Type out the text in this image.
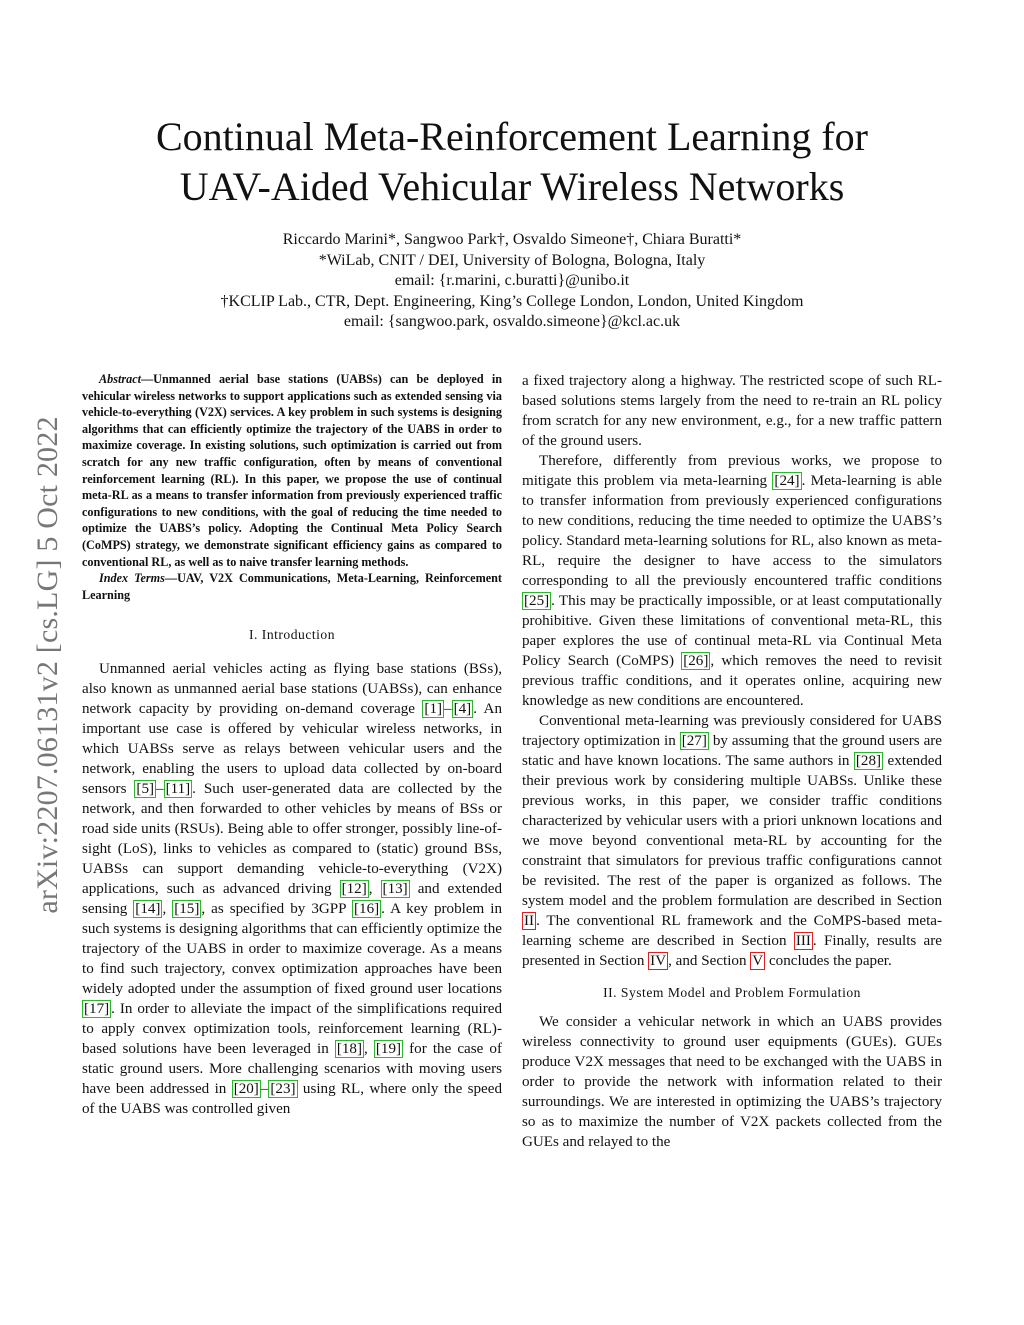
Continual Meta-Reinforcement Learning for
UAV-Aided Vehicular Wireless Networks
Riccardo Marini*, Sangwoo Park†, Osvaldo Simeone†, Chiara Buratti*
*WiLab, CNIT / DEI, University of Bologna, Bologna, Italy
email: {r.marini, c.buratti}@unibo.it
†KCLIP Lab., CTR, Dept. Engineering, King’s College London, London, United Kingdom
email: {sangwoo.park, osvaldo.simeone}@kcl.ac.uk
arXiv:2207.06131v2 [cs.LG] 5 Oct 2022

Abstract—Unmanned aerial base stations (UABSs) can be deployed in vehicular wireless networks to support applications such as extended sensing via vehicle-to-everything (V2X) services. A key problem in such systems is designing algorithms that can efficiently optimize the trajectory of the UABS in order to maximize coverage. In existing solutions, such optimization is carried out from scratch for any new traffic configuration, often by means of conventional reinforcement learning (RL). In this paper, we propose the use of continual meta-RL as a means to transfer information from previously experienced traffic configurations to new conditions, with the goal of reducing the time needed to optimize the UABS’s policy. Adopting the Continual Meta Policy Search (CoMPS) strategy, we demonstrate significant efficiency gains as compared to conventional RL, as well as to naive transfer learning methods.

Index Terms—UAV, V2X Communications, Meta-Learning, Reinforcement Learning

I. Introduction

Unmanned aerial vehicles acting as flying base stations (BSs), also known as unmanned aerial base stations (UABSs), can enhance network capacity by providing on-demand coverage [1] – [4] . An important use case is offered by vehicular wireless networks, in which UABSs serve as relays between vehicular users and the network, enabling the users to upload data collected by on-board sensors [5] – [11] . Such user-generated data are collected by the network, and then forwarded to other vehicles by means of BSs or road side units (RSUs). Being able to offer stronger, possibly line-of-sight (LoS), links to vehicles as compared to (static) ground BSs, UABSs can support demanding vehicle-to-everything (V2X) applications, such as advanced driving [12] , [13] and extended sensing [14] , [15] , as specified by 3GPP [16] . A key problem in such systems is designing algorithms that can efficiently optimize the trajectory of the UABS in order to maximize coverage. As a means to find such trajectory, convex optimization approaches have been widely adopted under the assumption of fixed ground user locations [17] . In order to alleviate the impact of the simplifications required to apply convex optimization tools, reinforcement learning (RL)-based solutions have been leveraged in [18] , [19] for the case of static ground users. More challenging scenarios with moving users have been addressed in [20] – [23] using RL, where only the speed of the UABS was controlled given

a fixed trajectory along a highway. The restricted scope of such RL-based solutions stems largely from the need to re-train an RL policy from scratch for any new environment, e.g., for a new traffic pattern of the ground users.

Therefore, differently from previous works, we propose to mitigate this problem via meta-learning [24] . Meta-learning is able to transfer information from previously experienced configurations to new conditions, reducing the time needed to optimize the UABS’s policy. Standard meta-learning solutions for RL, also known as meta-RL, require the designer to have access to the simulators corresponding to all the previously encountered traffic conditions [25] . This may be practically impossible, or at least computationally prohibitive. Given these limitations of conventional meta-RL, this paper explores the use of continual meta-RL via Continual Meta Policy Search (CoMPS) [26] , which removes the need to revisit previous traffic conditions, and it operates online, acquiring new knowledge as new conditions are encountered.

Conventional meta-learning was previously considered for UABS trajectory optimization in [27] by assuming that the ground users are static and have known locations. The same authors in [28] extended their previous work by considering multiple UABSs. Unlike these previous works, in this paper, we consider traffic conditions characterized by vehicular users with a priori unknown locations and we move beyond conventional meta-RL by accounting for the constraint that simulators for previous traffic configurations cannot be revisited. The rest of the paper is organized as follows. The system model and the problem formulation are described in Section II . The conventional RL framework and the CoMPS-based meta-learning scheme are described in Section III . Finally, results are presented in Section IV , and Section V concludes the paper.

II. System Model and Problem Formulation

We consider a vehicular network in which an UABS provides wireless connectivity to ground user equipments (GUEs). GUEs produce V2X messages that need to be exchanged with the UABS in order to provide the network with information related to their surroundings. We are interested in optimizing the UABS’s trajectory so as to maximize the number of V2X packets collected from the GUEs and relayed to the
